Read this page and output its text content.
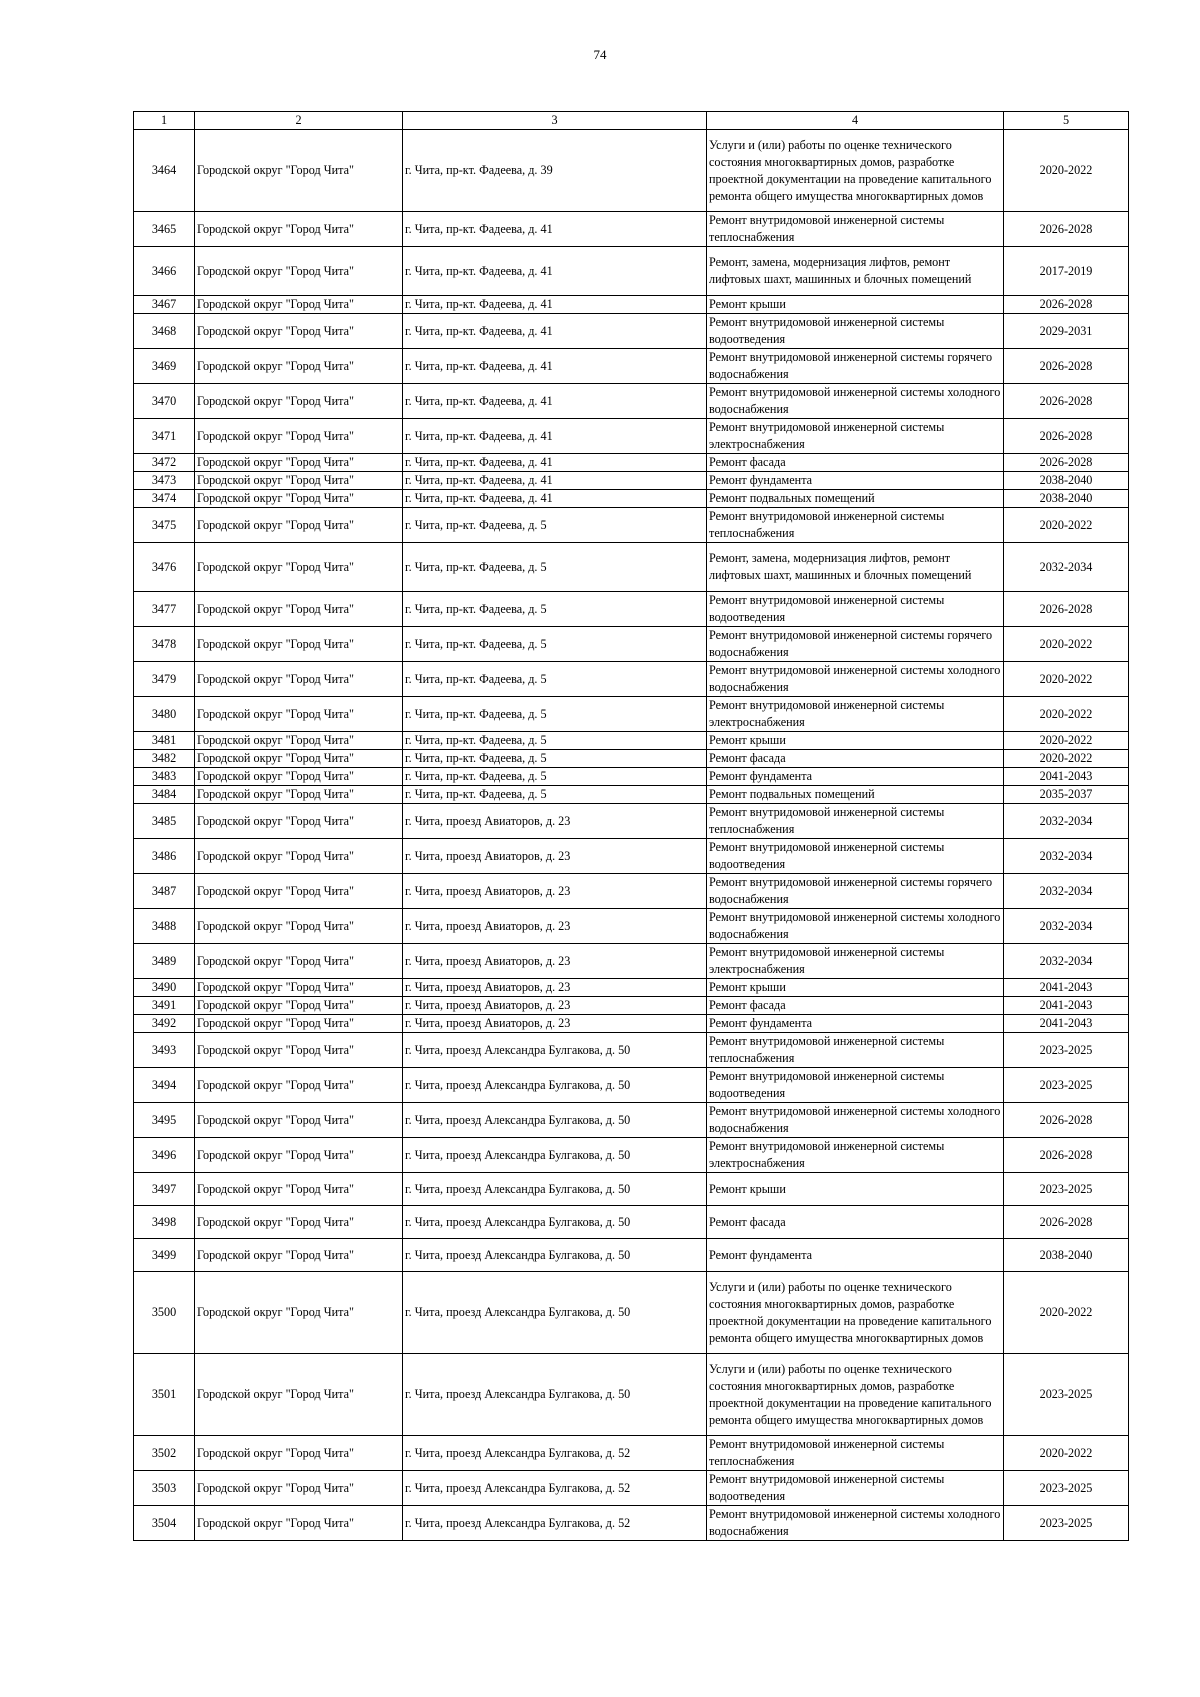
74
1	2	3	4	5
3464	Городской округ "Город Чита"	г. Чита, пр-кт. Фадеева, д. 39	Услуги и (или) работы по оценке технического состояния многоквартирных домов, разработке проектной документации на проведение капитального ремонта общего имущества многоквартирных домов	2020-2022
3465	Городской округ "Город Чита"	г. Чита, пр-кт. Фадеева, д. 41	Ремонт внутридомовой инженерной системы теплоснабжения	2026-2028
3466	Городской округ "Город Чита"	г. Чита, пр-кт. Фадеева, д. 41	Ремонт, замена, модернизация лифтов, ремонт лифтовых шахт, машинных и блочных помещений	2017-2019
3467	Городской округ "Город Чита"	г. Чита, пр-кт. Фадеева, д. 41	Ремонт крыши	2026-2028
3468	Городской округ "Город Чита"	г. Чита, пр-кт. Фадеева, д. 41	Ремонт внутридомовой инженерной системы водоотведения	2029-2031
3469	Городской округ "Город Чита"	г. Чита, пр-кт. Фадеева, д. 41	Ремонт внутридомовой инженерной системы горячего водоснабжения	2026-2028
3470	Городской округ "Город Чита"	г. Чита, пр-кт. Фадеева, д. 41	Ремонт внутридомовой инженерной системы холодного водоснабжения	2026-2028
3471	Городской округ "Город Чита"	г. Чита, пр-кт. Фадеева, д. 41	Ремонт внутридомовой инженерной системы электроснабжения	2026-2028
3472	Городской округ "Город Чита"	г. Чита, пр-кт. Фадеева, д. 41	Ремонт фасада	2026-2028
3473	Городской округ "Город Чита"	г. Чита, пр-кт. Фадеева, д. 41	Ремонт фундамента	2038-2040
3474	Городской округ "Город Чита"	г. Чита, пр-кт. Фадеева, д. 41	Ремонт подвальных помещений	2038-2040
3475	Городской округ "Город Чита"	г. Чита, пр-кт. Фадеева, д. 5	Ремонт внутридомовой инженерной системы теплоснабжения	2020-2022
3476	Городской округ "Город Чита"	г. Чита, пр-кт. Фадеева, д. 5	Ремонт, замена, модернизация лифтов, ремонт лифтовых шахт, машинных и блочных помещений	2032-2034
3477	Городской округ "Город Чита"	г. Чита, пр-кт. Фадеева, д. 5	Ремонт внутридомовой инженерной системы водоотведения	2026-2028
3478	Городской округ "Город Чита"	г. Чита, пр-кт. Фадеева, д. 5	Ремонт внутридомовой инженерной системы горячего водоснабжения	2020-2022
3479	Городской округ "Город Чита"	г. Чита, пр-кт. Фадеева, д. 5	Ремонт внутридомовой инженерной системы холодного водоснабжения	2020-2022
3480	Городской округ "Город Чита"	г. Чита, пр-кт. Фадеева, д. 5	Ремонт внутридомовой инженерной системы электроснабжения	2020-2022
3481	Городской округ "Город Чита"	г. Чита, пр-кт. Фадеева, д. 5	Ремонт крыши	2020-2022
3482	Городской округ "Город Чита"	г. Чита, пр-кт. Фадеева, д. 5	Ремонт фасада	2020-2022
3483	Городской округ "Город Чита"	г. Чита, пр-кт. Фадеева, д. 5	Ремонт фундамента	2041-2043
3484	Городской округ "Город Чита"	г. Чита, пр-кт. Фадеева, д. 5	Ремонт подвальных помещений	2035-2037
3485	Городской округ "Город Чита"	г. Чита, проезд Авиаторов, д. 23	Ремонт внутридомовой инженерной системы теплоснабжения	2032-2034
3486	Городской округ "Город Чита"	г. Чита, проезд Авиаторов, д. 23	Ремонт внутридомовой инженерной системы водоотведения	2032-2034
3487	Городской округ "Город Чита"	г. Чита, проезд Авиаторов, д. 23	Ремонт внутридомовой инженерной системы горячего водоснабжения	2032-2034
3488	Городской округ "Город Чита"	г. Чита, проезд Авиаторов, д. 23	Ремонт внутридомовой инженерной системы холодного водоснабжения	2032-2034
3489	Городской округ "Город Чита"	г. Чита, проезд Авиаторов, д. 23	Ремонт внутридомовой инженерной системы электроснабжения	2032-2034
3490	Городской округ "Город Чита"	г. Чита, проезд Авиаторов, д. 23	Ремонт крыши	2041-2043
3491	Городской округ "Город Чита"	г. Чита, проезд Авиаторов, д. 23	Ремонт фасада	2041-2043
3492	Городской округ "Город Чита"	г. Чита, проезд Авиаторов, д. 23	Ремонт фундамента	2041-2043
3493	Городской округ "Город Чита"	г. Чита, проезд Александра Булгакова, д. 50	Ремонт внутридомовой инженерной системы теплоснабжения	2023-2025
3494	Городской округ "Город Чита"	г. Чита, проезд Александра Булгакова, д. 50	Ремонт внутридомовой инженерной системы водоотведения	2023-2025
3495	Городской округ "Город Чита"	г. Чита, проезд Александра Булгакова, д. 50	Ремонт внутридомовой инженерной системы холодного водоснабжения	2026-2028
3496	Городской округ "Город Чита"	г. Чита, проезд Александра Булгакова, д. 50	Ремонт внутридомовой инженерной системы электроснабжения	2026-2028
3497	Городской округ "Город Чита"	г. Чита, проезд Александра Булгакова, д. 50	Ремонт крыши	2023-2025
3498	Городской округ "Город Чита"	г. Чита, проезд Александра Булгакова, д. 50	Ремонт фасада	2026-2028
3499	Городской округ "Город Чита"	г. Чита, проезд Александра Булгакова, д. 50	Ремонт фундамента	2038-2040
3500	Городской округ "Город Чита"	г. Чита, проезд Александра Булгакова, д. 50	Услуги и (или) работы по оценке технического состояния многоквартирных домов, разработке проектной документации на проведение капитального ремонта общего имущества многоквартирных домов	2020-2022
3501	Городской округ "Город Чита"	г. Чита, проезд Александра Булгакова, д. 50	Услуги и (или) работы по оценке технического состояния многоквартирных домов, разработке проектной документации на проведение капитального ремонта общего имущества многоквартирных домов	2023-2025
3502	Городской округ "Город Чита"	г. Чита, проезд Александра Булгакова, д. 52	Ремонт внутридомовой инженерной системы теплоснабжения	2020-2022
3503	Городской округ "Город Чита"	г. Чита, проезд Александра Булгакова, д. 52	Ремонт внутридомовой инженерной системы водоотведения	2023-2025
3504	Городской округ "Город Чита"	г. Чита, проезд Александра Булгакова, д. 52	Ремонт внутридомовой инженерной системы холодного водоснабжения	2023-2025
